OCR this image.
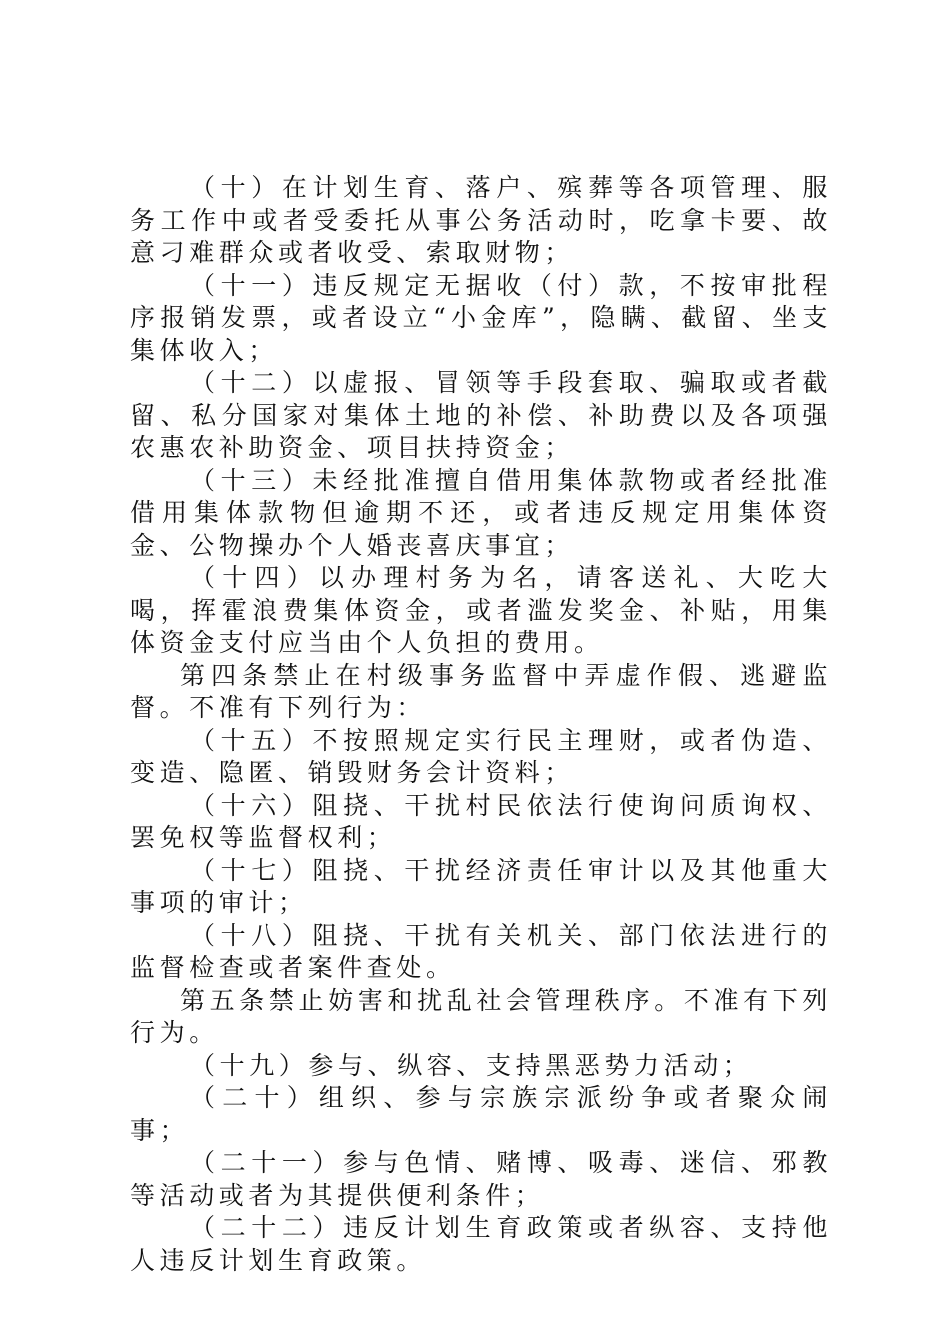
（十）在计划生育、落户、殡葬等各项管理、服务工作中或者受委托从事公务活动时，吃拿卡要、故意刁难群众或者收受、索取财物；

（十一）违反规定无据收（付）款，不按审批程序报销发票，或者设立“小金库”，隐瞒、截留、坐支集体收入；

（十二）以虚报、冒领等手段套取、骗取或者截留、私分国家对集体土地的补偿、补助费以及各项强农惠农补助资金、项目扶持资金；

（十三）未经批准擅自借用集体款物或者经批准借用集体款物但逾期不还，或者违反规定用集体资金、公物操办个人婚丧喜庆事宜；

（十四）以办理村务为名，请客送礼、大吃大喝，挥霍浪费集体资金，或者滥发奖金、补贴，用集体资金支付应当由个人负担的费用。

第四条禁止在村级事务监督中弄虚作假、逃避监督。不准有下列行为：

（十五）不按照规定实行民主理财，或者伪造、变造、隐匿、销毁财务会计资料；

（十六）阻挠、干扰村民依法行使询问质询权、罢免权等监督权利；

（十七）阻挠、干扰经济责任审计以及其他重大事项的审计；

（十八）阻挠、干扰有关机关、部门依法进行的监督检查或者案件查处。

第五条禁止妨害和扰乱社会管理秩序。不准有下列行为。

（十九）参与、纵容、支持黑恶势力活动；

（二十）组织、参与宗族宗派纷争或者聚众闹事；

（二十一）参与色情、赌博、吸毒、迷信、邪教等活动或者为其提供便利条件；

（二十二）违反计划生育政策或者纵容、支持他人违反计划生育政策。
